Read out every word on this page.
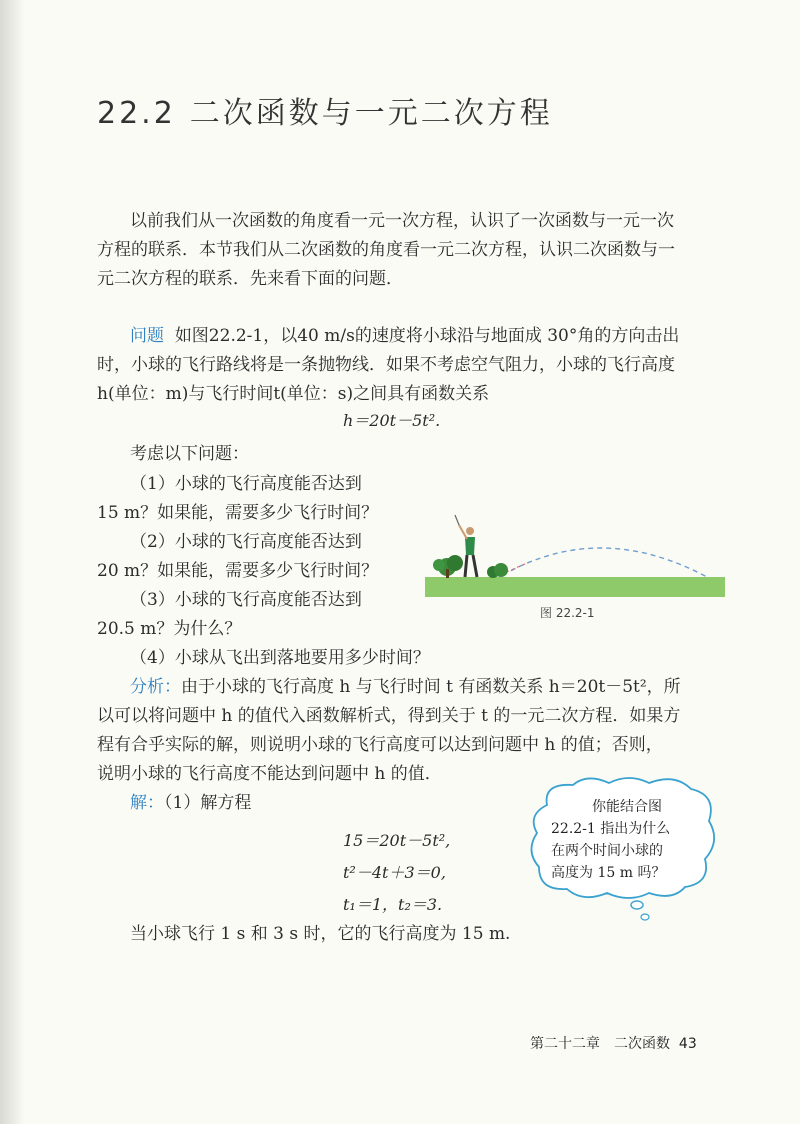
22.2 二次函数与一元二次方程
以前我们从一次函数的角度看一元一次方程，认识了一次函数与一元一次
方程的联系．本节我们从二次函数的角度看一元二次方程，认识二次函数与一
元二次方程的联系．先来看下面的问题．
问题 如图22.2-1，以40 m/s的速度将小球沿与地面成 30°角的方向击出
时，小球的飞行路线将是一条抛物线．如果不考虑空气阻力，小球的飞行高度
h(单位：m)与飞行时间t(单位：s)之间具有函数关系
h＝20t－5t².
考虑以下问题：
（1）小球的飞行高度能否达到
15 m？如果能，需要多少飞行时间？
（2）小球的飞行高度能否达到
20 m？如果能，需要多少飞行时间？
（3）小球的飞行高度能否达到
20.5 m？为什么？
（4）小球从飞出到落地要用多少时间？
图 22.2-1
分析：由于小球的飞行高度 h 与飞行时间 t 有函数关系 h＝20t－5t²，所
以可以将问题中 h 的值代入函数解析式，得到关于 t 的一元二次方程．如果方
程有合乎实际的解，则说明小球的飞行高度可以达到问题中 h 的值；否则，
说明小球的飞行高度不能达到问题中 h 的值．
解：（1）解方程
15＝20t－5t²,
t²－4t＋3＝0,
t₁＝1，t₂＝3.
当小球飞行 1 s 和 3 s 时，它的飞行高度为 15 m.
你能结合图
22.2-1 指出为什么
在两个时间小球的
高度为 15 m 吗？
第二十二章　二次函数 43
